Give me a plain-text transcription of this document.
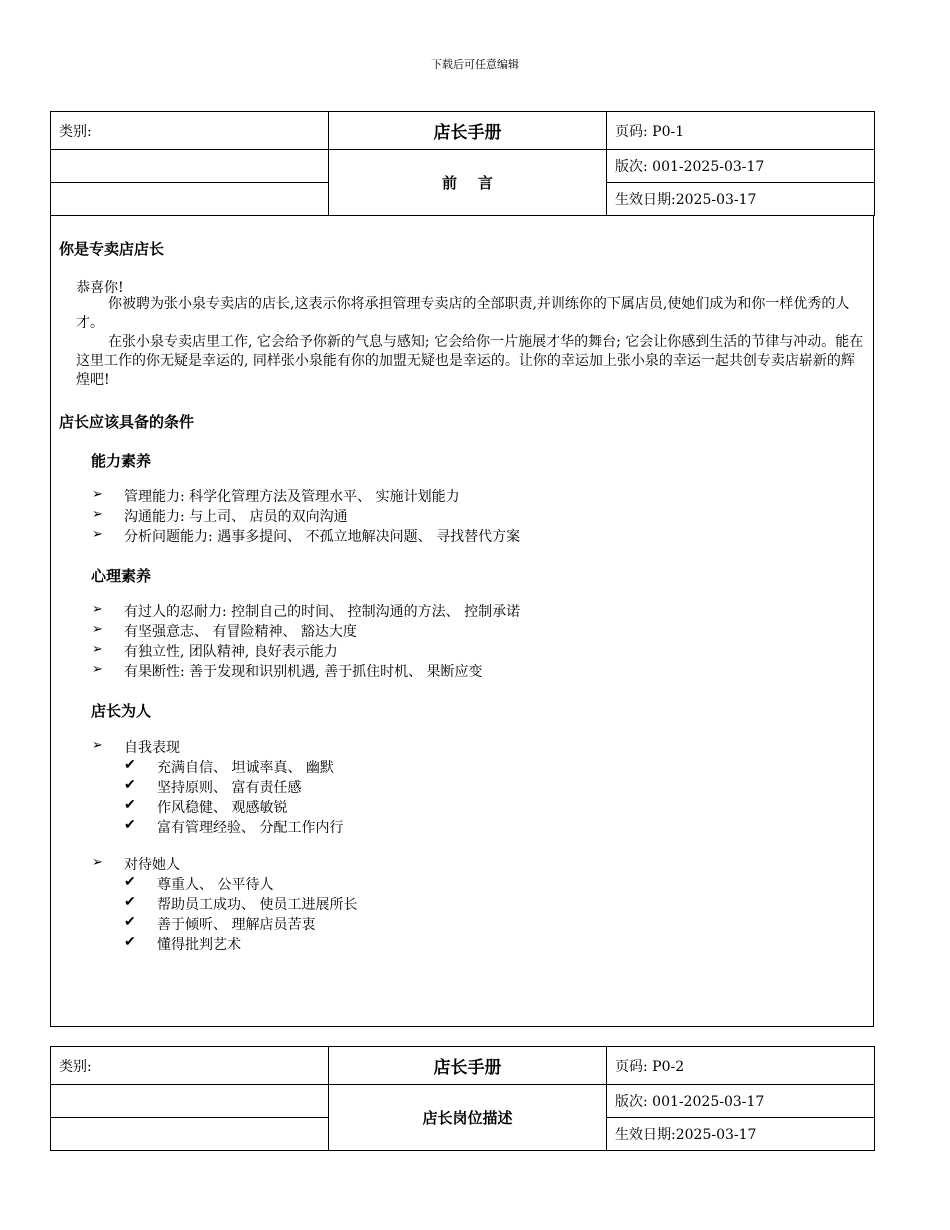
下载后可任意编辑
类别:	店长手册	页码: P0-1
	前    言	版次: 001-2025-03-17
		生效日期:2025-03-17
你是专卖店店长
恭喜你!
你被聘为张小泉专卖店的店长,这表示你将承担管理专卖店的全部职责,并训练你的下属店员,使她们成为和你一样优秀的人才。
在张小泉专卖店里工作, 它会给予你新的气息与感知; 它会给你一片施展才华的舞台; 它会让你感到生活的节律与冲动。能在这里工作的你无疑是幸运的, 同样张小泉能有你的加盟无疑也是幸运的。让你的幸运加上张小泉的幸运一起共创专卖店崭新的辉煌吧!
店长应该具备的条件
能力素养
➢ 管理能力: 科学化管理方法及管理水平、 实施计划能力
➢ 沟通能力: 与上司、 店员的双向沟通
➢ 分析问题能力: 遇事多提问、 不孤立地解决问题、 寻找替代方案
心理素养
➢ 有过人的忍耐力: 控制自己的时间、 控制沟通的方法、 控制承诺
➢ 有坚强意志、 有冒险精神、 豁达大度
➢ 有独立性, 团队精神, 良好表示能力
➢ 有果断性: 善于发现和识别机遇, 善于抓住时机、 果断应变
店长为人
➢ 自我表现
✔ 充满自信、 坦诚率真、 幽默
✔ 坚持原则、 富有责任感
✔ 作风稳健、 观感敏锐
✔ 富有管理经验、 分配工作内行
➢ 对待她人
✔ 尊重人、 公平待人
✔ 帮助员工成功、 使员工进展所长
✔ 善于倾听、 理解店员苦衷
✔ 懂得批判艺术
类别:	店长手册	页码: P0-2
	店长岗位描述	版次: 001-2025-03-17
		生效日期:2025-03-17
